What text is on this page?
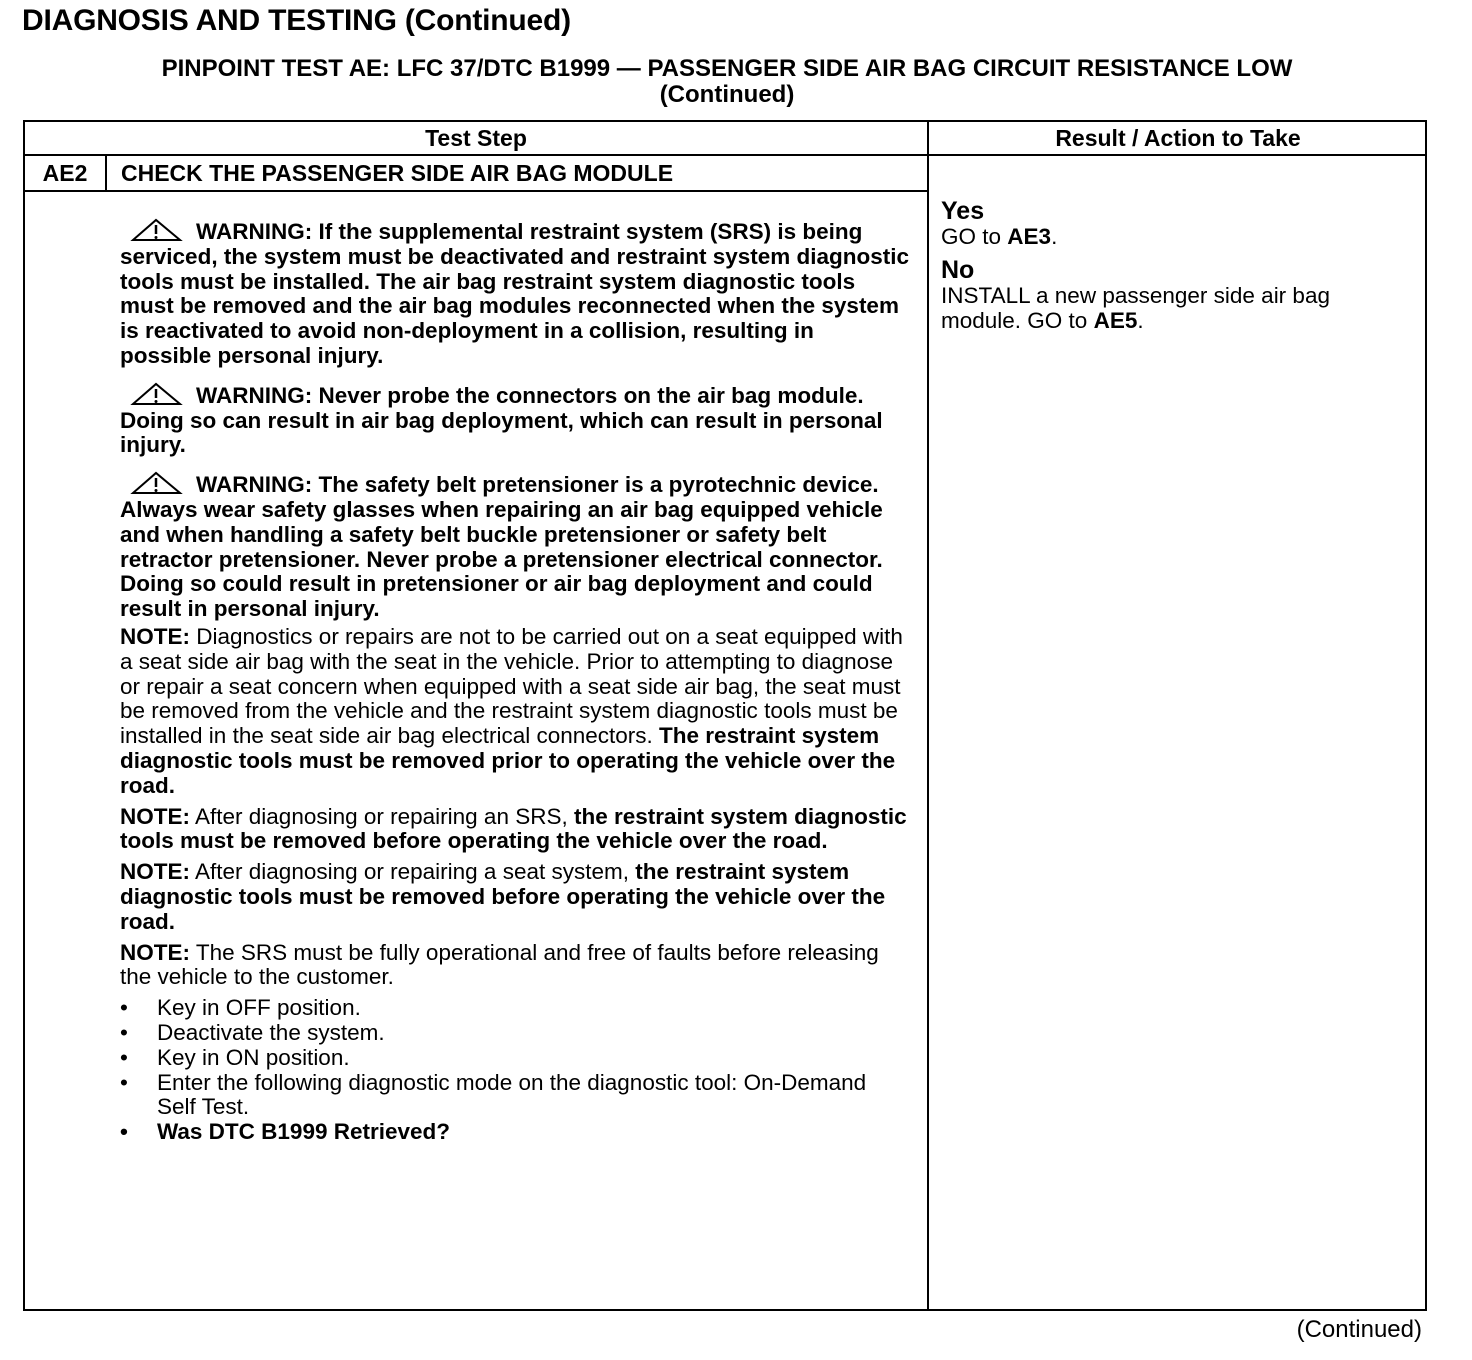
DIAGNOSIS AND TESTING (Continued)
PINPOINT TEST AE: LFC 37/DTC B1999 — PASSENGER SIDE AIR BAG CIRCUIT RESISTANCE LOW
(Continued)
Test Step	Result / Action to Take
AE2	CHECK THE PASSENGER SIDE AIR BAG MODULE

WARNING: If the supplemental restraint system (SRS) is being serviced, the system must be deactivated and restraint system diagnostic tools must be installed. The air bag restraint system diagnostic tools must be removed and the air bag modules reconnected when the system is reactivated to avoid non-deployment in a collision, resulting in possible personal injury.

WARNING: Never probe the connectors on the air bag module. Doing so can result in air bag deployment, which can result in personal injury.

WARNING: The safety belt pretensioner is a pyrotechnic device. Always wear safety glasses when repairing an air bag equipped vehicle and when handling a safety belt buckle pretensioner or safety belt retractor pretensioner. Never probe a pretensioner electrical connector. Doing so could result in pretensioner or air bag deployment and could result in personal injury.

NOTE: Diagnostics or repairs are not to be carried out on a seat equipped with a seat side air bag with the seat in the vehicle. Prior to attempting to diagnose or repair a seat concern when equipped with a seat side air bag, the seat must be removed from the vehicle and the restraint system diagnostic tools must be installed in the seat side air bag electrical connectors. The restraint system diagnostic tools must be removed prior to operating the vehicle over the road.

NOTE: After diagnosing or repairing an SRS, the restraint system diagnostic tools must be removed before operating the vehicle over the road.

NOTE: After diagnosing or repairing a seat system, the restraint system diagnostic tools must be removed before operating the vehicle over the road.

NOTE: The SRS must be fully operational and free of faults before releasing the vehicle to the customer.

• Key in OFF position.
• Deactivate the system.
• Key in ON position.
• Enter the following diagnostic mode on the diagnostic tool: On-Demand Self Test.
• Was DTC B1999 Retrieved?
Yes

GO to AE3.

No

INSTALL a new passenger side air bag module. GO to AE5.

(Continued)
